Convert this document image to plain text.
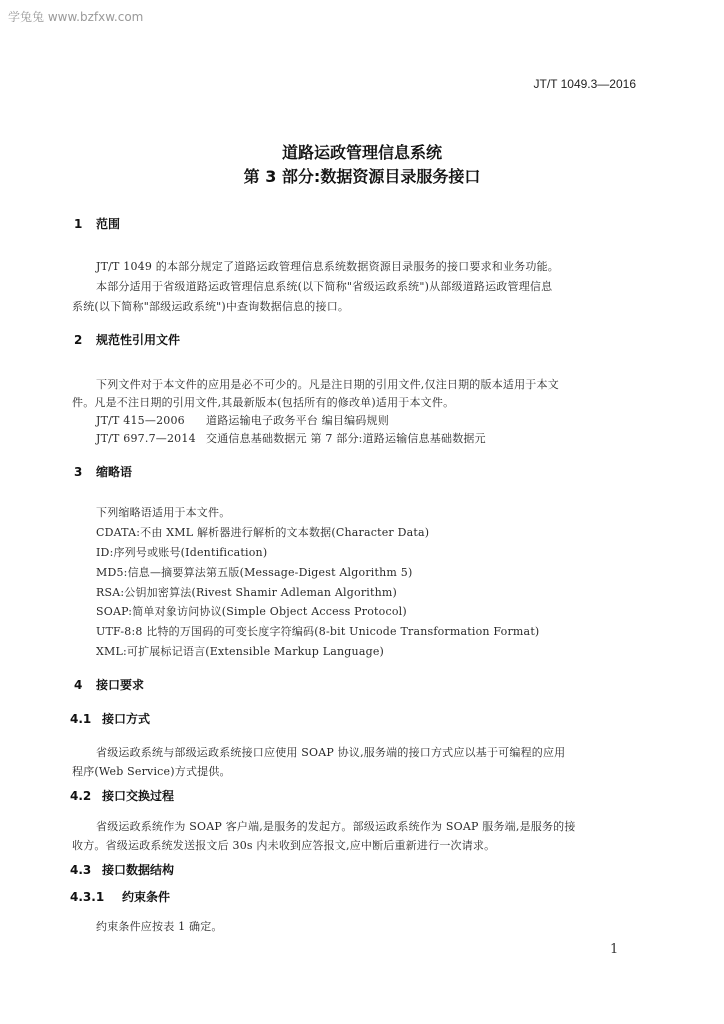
学兔兔 www.bzfxw.com
JT/T 1049.3—2016
道路运政管理信息系统
第 3 部分:数据资源目录服务接口
1 范围
JT/T 1049 的本部分规定了道路运政管理信息系统数据资源目录服务的接口要求和业务功能。
本部分适用于省级道路运政管理信息系统(以下简称"省级运政系统")从部级道路运政管理信息
系统(以下简称"部级运政系统")中查询数据信息的接口。
2 规范性引用文件
下列文件对于本文件的应用是必不可少的。凡是注日期的引用文件,仅注日期的版本适用于本文
件。凡是不注日期的引用文件,其最新版本(包括所有的修改单)适用于本文件。
JT/T 415—2006 道路运输电子政务平台 编目编码规则
JT/T 697.7—2014 交通信息基础数据元 第 7 部分:道路运输信息基础数据元
3 缩略语
下列缩略语适用于本文件。
CDATA:不由 XML 解析器进行解析的文本数据(Character Data)
ID:序列号或账号(Identification)
MD5:信息—摘要算法第五版(Message-Digest Algorithm 5)
RSA:公钥加密算法(Rivest Shamir Adleman Algorithm)
SOAP:简单对象访问协议(Simple Object Access Protocol)
UTF-8:8 比特的万国码的可变长度字符编码(8-bit Unicode Transformation Format)
XML:可扩展标记语言(Extensible Markup Language)
4 接口要求
4.1 接口方式
省级运政系统与部级运政系统接口应使用 SOAP 协议,服务端的接口方式应以基于可编程的应用
程序(Web Service)方式提供。
4.2 接口交换过程
省级运政系统作为 SOAP 客户端,是服务的发起方。部级运政系统作为 SOAP 服务端,是服务的接
收方。省级运政系统发送报文后 30s 内未收到应答报文,应中断后重新进行一次请求。
4.3 接口数据结构
4.3.1 约束条件
约束条件应按表 1 确定。
1
